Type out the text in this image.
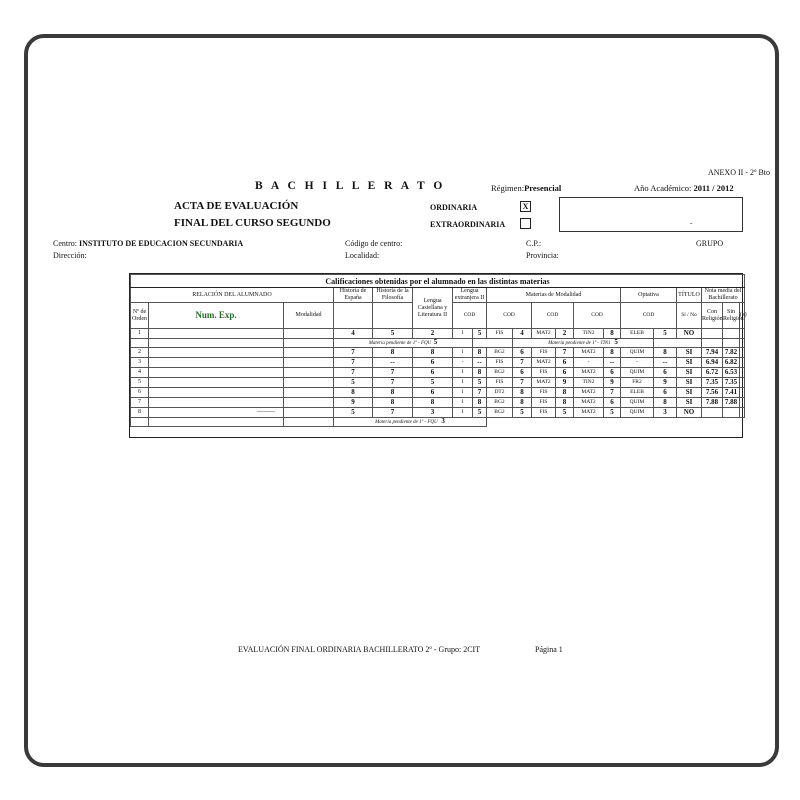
ANEXO II - 2º Bto
B A C H I L L E R A T O	Régimen:Presencial	Año Académico: 2011 / 2012
ACTA DE EVALUACIÓN
FINAL DEL CURSO SEGUNDO
ORDINARIA	X
EXTRAORDINARIA	-
Centro: INSTITUTO DE EDUCACION SECUNDARIA	Código de centro:	C.P.:	GRUPO
Dirección:	Localidad:	Provincia:
Calificaciones obtenidas por el alumnado en las distintas materias																				
RELACIÓN DEL ALUMNADO			Historia de España	Historia de la Filosofía	Lengua Castellana y Literatura II	Lengua extranjera II		Materias de Modalidad						Optativa		TÍTULO	Nota media del Bachillerato			
Nº de Orden	Num. Exp.	Modalidad															Con Religión	Sin Religión	(a)	
						COD		COD		COD		COD		COD		Sí / No				
1			4	5	2	I	5	FIS	4	MAT2	2	TIN2	8	ELEB	5	NO				
			Materia pendiente de 1º - FQU 5						Materia pendiente de 1º - TIN1 5											
2			7	8	8	I	8	BG2	6	FIS	7	MAT2	8	QUIM	8	SI	7.94	7.82		
3			7	--	6	-	--	FIS	7	MAT2	6	-	--	-	--	SI	6.94	6.82		
4			7	7	6	I	8	BG2	6	FIS	6	MAT2	6	QUIM	6	SI	6.72	6.53		
5			5	7	5	I	5	FIS	7	MAT2	9	TIN2	9	FR2	9	SI	7.35	7.35		
6			8	8	6	I	7	DT2	8	FIS	8	MAT2	7	ELEB	6	SI	7.56	7.41		
7			9	8	8	I	8	BG2	8	FIS	8	MAT2	6	QUIM	8	SI	7.88	7.88		
8	———		5	7	3	I	5	BG2	5	FIS	5	MAT2	5	QUIM	3	NO				
			Materia pendiente de 1º - FQU 3																	
EVALUACIÓN FINAL ORDINARIA BACHILLERATO 2º - Grupo: 2CIT	Página 1
